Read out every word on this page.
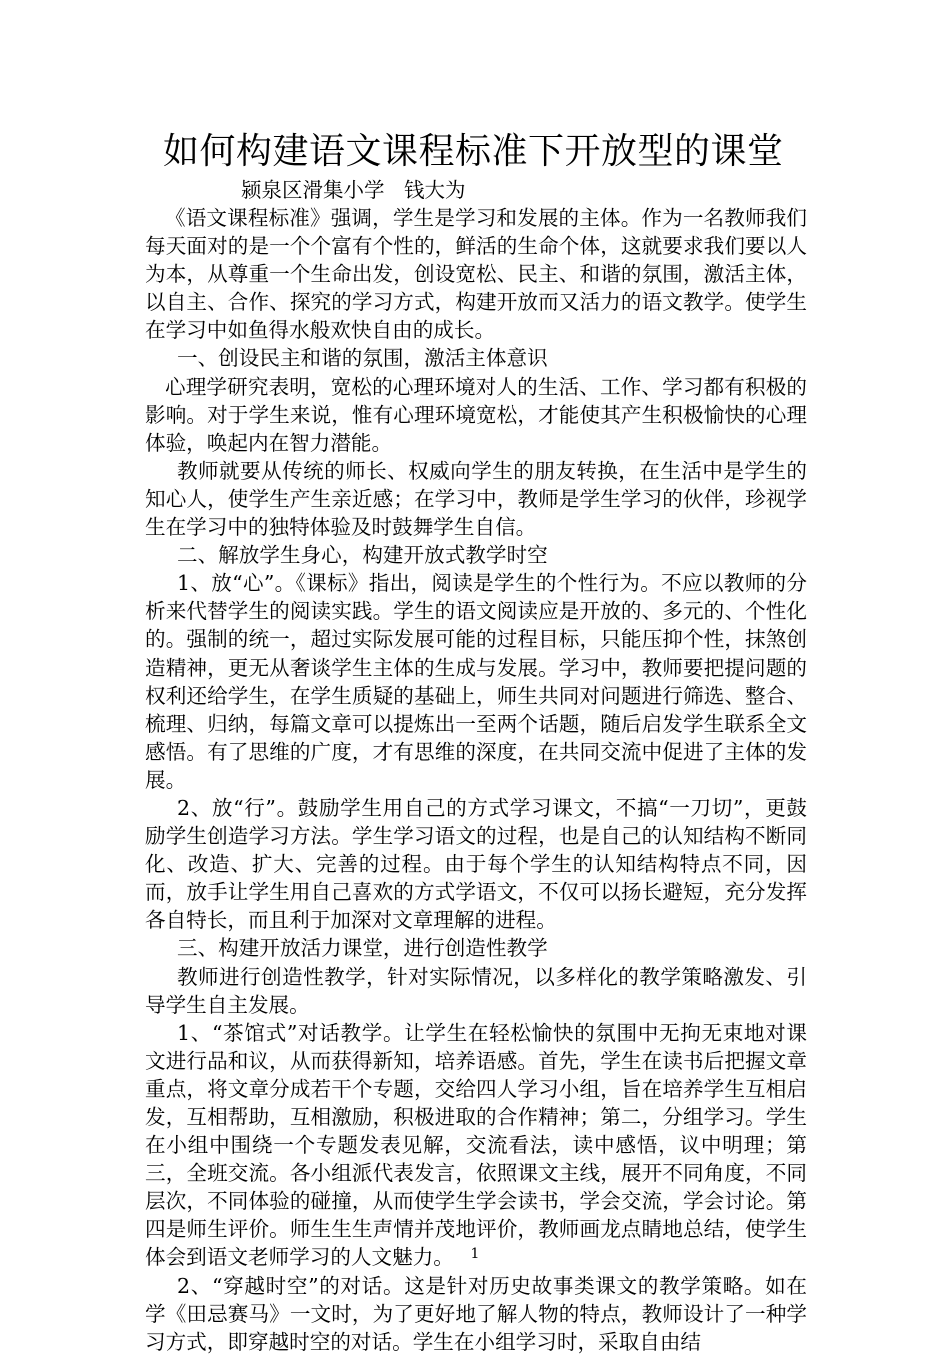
如何构建语文课程标准下开放型的课堂

颍泉区滑集小学   钱大为

《语文课程标准》强调，学生是学习和发展的主体。作为一名教师我们每天面对的是一个个富有个性的，鲜活的生命个体，这就要求我们要以人为本，从尊重一个生命出发，创设宽松、民主、和谐的氛围，激活主体，以自主、合作、探究的学习方式，构建开放而又活力的语文教学。使学生在学习中如鱼得水般欢快自由的成长。

一、创设民主和谐的氛围，激活主体意识

心理学研究表明，宽松的心理环境对人的生活、工作、学习都有积极的影响。对于学生来说，惟有心理环境宽松，才能使其产生积极愉快的心理体验，唤起内在智力潜能。

教师就要从传统的师长、权威向学生的朋友转换，在生活中是学生的知心人，使学生产生亲近感；在学习中，教师是学生学习的伙伴，珍视学生在学习中的独特体验及时鼓舞学生自信。

二、解放学生身心，构建开放式教学时空

1、放“心”。《课标》指出，阅读是学生的个性行为。不应以教师的分析来代替学生的阅读实践。学生的语文阅读应是开放的、多元的、个性化的。强制的统一，超过实际发展可能的过程目标，只能压抑个性，抹煞创造精神，更无从奢谈学生主体的生成与发展。学习中，教师要把提问题的权利还给学生，在学生质疑的基础上，师生共同对问题进行筛选、整合、梳理、归纳，每篇文章可以提炼出一至两个话题，随后启发学生联系全文感悟。有了思维的广度，才有思维的深度，在共同交流中促进了主体的发展。

2、放“行”。鼓励学生用自己的方式学习课文，不搞“一刀切”，更鼓励学生创造学习方法。学生学习语文的过程，也是自己的认知结构不断同化、改造、扩大、完善的过程。由于每个学生的认知结构特点不同，因而，放手让学生用自己喜欢的方式学语文，不仅可以扬长避短，充分发挥各自特长，而且利于加深对文章理解的进程。

三、构建开放活力课堂，进行创造性教学

教师进行创造性教学，针对实际情况，以多样化的教学策略激发、引导学生自主发展。

1、“茶馆式”对话教学。让学生在轻松愉快的氛围中无拘无束地对课文进行品和议，从而获得新知，培养语感。首先，学生在读书后把握文章重点，将文章分成若干个专题，交给四人学习小组，旨在培养学生互相启发，互相帮助，互相激励，积极进取的合作精神；第二，分组学习。学生在小组中围绕一个专题发表见解，交流看法，读中感悟，议中明理；第三，全班交流。各小组派代表发言，依照课文主线，展开不同角度，不同层次，不同体验的碰撞，从而使学生学会读书，学会交流，学会讨论。第四是师生评价。师生生生声情并茂地评价，教师画龙点睛地总结，使学生体会到语文老师学习的人文魅力。

2、“穿越时空”的对话。这是针对历史故事类课文的教学策略。如在学《田忌赛马》一文时，为了更好地了解人物的特点，教师设计了一种学习方式，即穿越时空的对话。学生在小组学习时，采取自由结

1
